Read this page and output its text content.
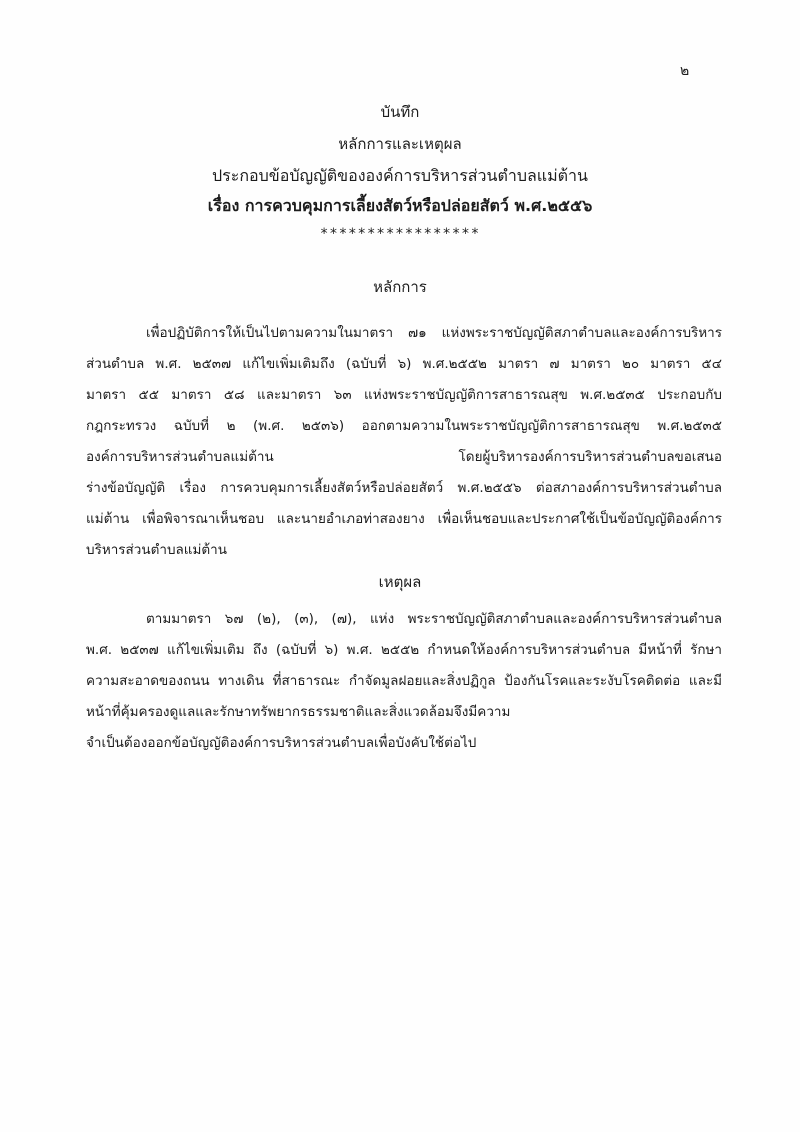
๒
บันทึก
หลักการและเหตุผล
ประกอบข้อบัญญัติขององค์การบริหารส่วนตำบลแม่ต้าน
เรื่อง การควบคุมการเลี้ยงสัตว์หรือปล่อยสัตว์ พ.ศ.๒๕๕๖
*****************
หลักการ
เพื่อปฏิบัติการให้เป็นไปตามความในมาตรา ๗๑ แห่งพระราชบัญญัติสภาตำบลและองค์การบริหาร
ส่วนตำบล พ.ศ. ๒๕๓๗ แก้ไขเพิ่มเติมถึง (ฉบับที่ ๖) พ.ศ.๒๕๕๒ มาตรา ๗ มาตรา ๒๐ มาตรา ๕๔
มาตรา ๕๕ มาตรา ๕๘ และมาตรา ๖๓ แห่งพระราชบัญญัติการสาธารณสุข พ.ศ.๒๕๓๕ ประกอบกับ
กฎกระทรวง ฉบับที่ ๒ (พ.ศ. ๒๕๓๖) ออกตามความในพระราชบัญญัติการสาธารณสุข พ.ศ.๒๕๓๕
องค์การบริหารส่วนตำบลแม่ต้าน โดยผู้บริหารองค์การบริหารส่วนตำบลขอเสนอ
ร่างข้อบัญญัติ เรื่อง การควบคุมการเลี้ยงสัตว์หรือปล่อยสัตว์ พ.ศ.๒๕๕๖ ต่อสภาองค์การบริหารส่วนตำบล
แม่ต้าน เพื่อพิจารณาเห็นชอบ และนายอำเภอท่าสองยาง เพื่อเห็นชอบและประกาศใช้เป็นข้อบัญญัติองค์การ
บริหารส่วนตำบลแม่ต้าน
เหตุผล
ตามมาตรา ๖๗ (๒), (๓), (๗), แห่ง พระราชบัญญัติสภาตำบลและองค์การบริหารส่วนตำบล
พ.ศ. ๒๕๓๗ แก้ไขเพิ่มเติม ถึง (ฉบับที่ ๖) พ.ศ. ๒๕๕๒ กำหนดให้องค์การบริหารส่วนตำบล มีหน้าที่ รักษา
ความสะอาดของถนน ทางเดิน ที่สาธารณะ กำจัดมูลฝอยและสิ่งปฏิกูล ป้องกันโรคและระงับโรคติดต่อ และมี
หน้าที่คุ้มครองดูแลและรักษาทรัพยากรธรรมชาติและสิ่งแวดล้อมจึงมีความ
จำเป็นต้องออกข้อบัญญัติองค์การบริหารส่วนตำบลเพื่อบังคับใช้ต่อไป
